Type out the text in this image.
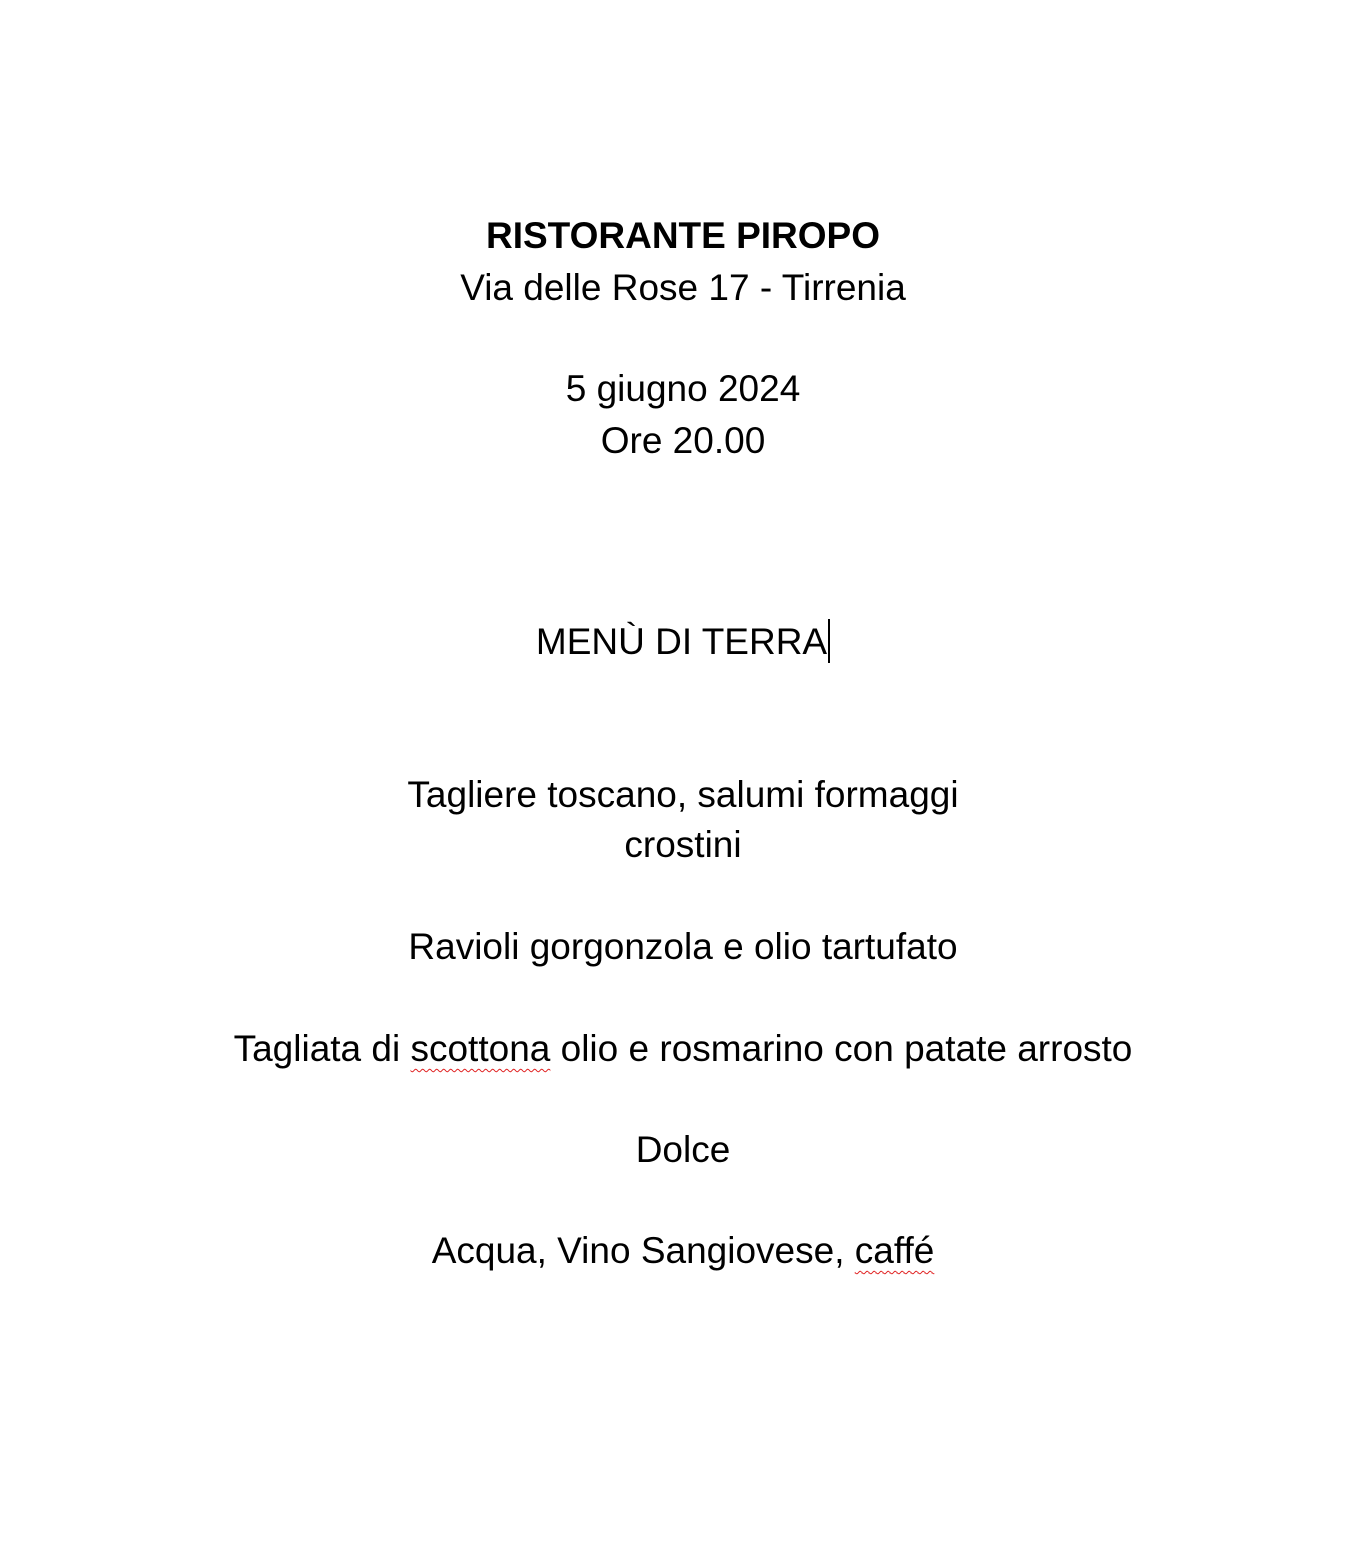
RISTORANTE PIROPO
Via delle Rose 17 - Tirrenia
5 giugno 2024
Ore 20.00
MENÙ DI TERRA
Tagliere toscano, salumi formaggi
crostini
Ravioli gorgonzola e olio tartufato
Tagliata di scottona olio e rosmarino con patate arrosto
Dolce
Acqua, Vino Sangiovese, caffé
